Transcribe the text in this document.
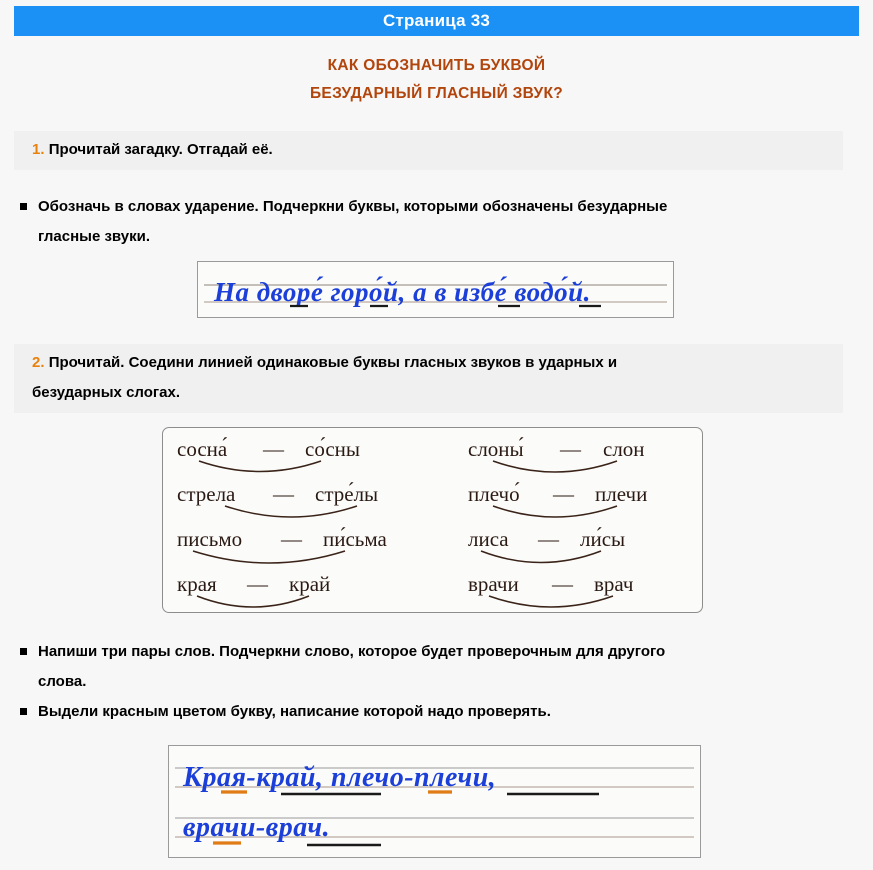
Страница 33
КАК ОБОЗНАЧИТЬ БУКВОЙ
БЕЗУДАРНЫЙ ГЛАСНЫЙ ЗВУК?
1. Прочитай загадку. Отгадай её.
Обозначь в словах ударение. Подчеркни буквы, которыми обозначены безударные
гласные звуки.
На дворе́ горо́й, а в избе́ водо́й.
2. Прочитай. Соедини линией одинаковые буквы гласных звуков в ударных и
безударных слогах.
сосна́ — со́сны
стрела — стре́лы
письмо — пи́сьма
края — край
слоны́ — слон
плечо́ — плечи
лиса — ли́сы
врачи — врач
Напиши три пары слов. Подчеркни слово, которое будет проверочным для другого
слова.
Выдели красным цветом букву, написание которой надо проверять.
Края-край, плечо-плечи,
врачи-врач.
